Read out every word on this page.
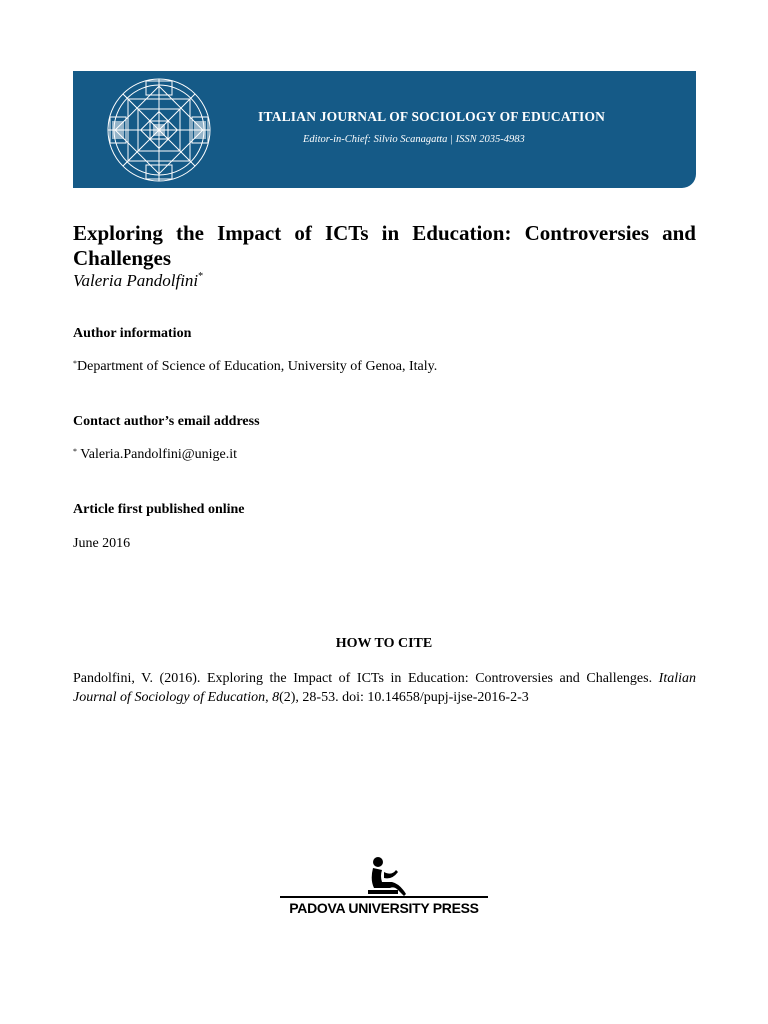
ITALIAN JOURNAL OF SOCIOLOGY OF EDUCATION
Editor-in-Chief: Silvio Scanagatta | ISSN 2035-4983
Exploring the Impact of ICTs in Education: Controversies and Challenges
Valeria Pandolfini*
Author information
*Department of Science of Education, University of Genoa, Italy.
Contact author’s email address
* Valeria.Pandolfini@unige.it
Article first published online
June 2016
HOW TO CITE
Pandolfini, V. (2016). Exploring the Impact of ICTs in Education: Controversies and Challenges. Italian Journal of Sociology of Education, 8(2), 28-53. doi: 10.14658/pupj-ijse-2016-2-3
PADOVA UNIVERSITY PRESS
